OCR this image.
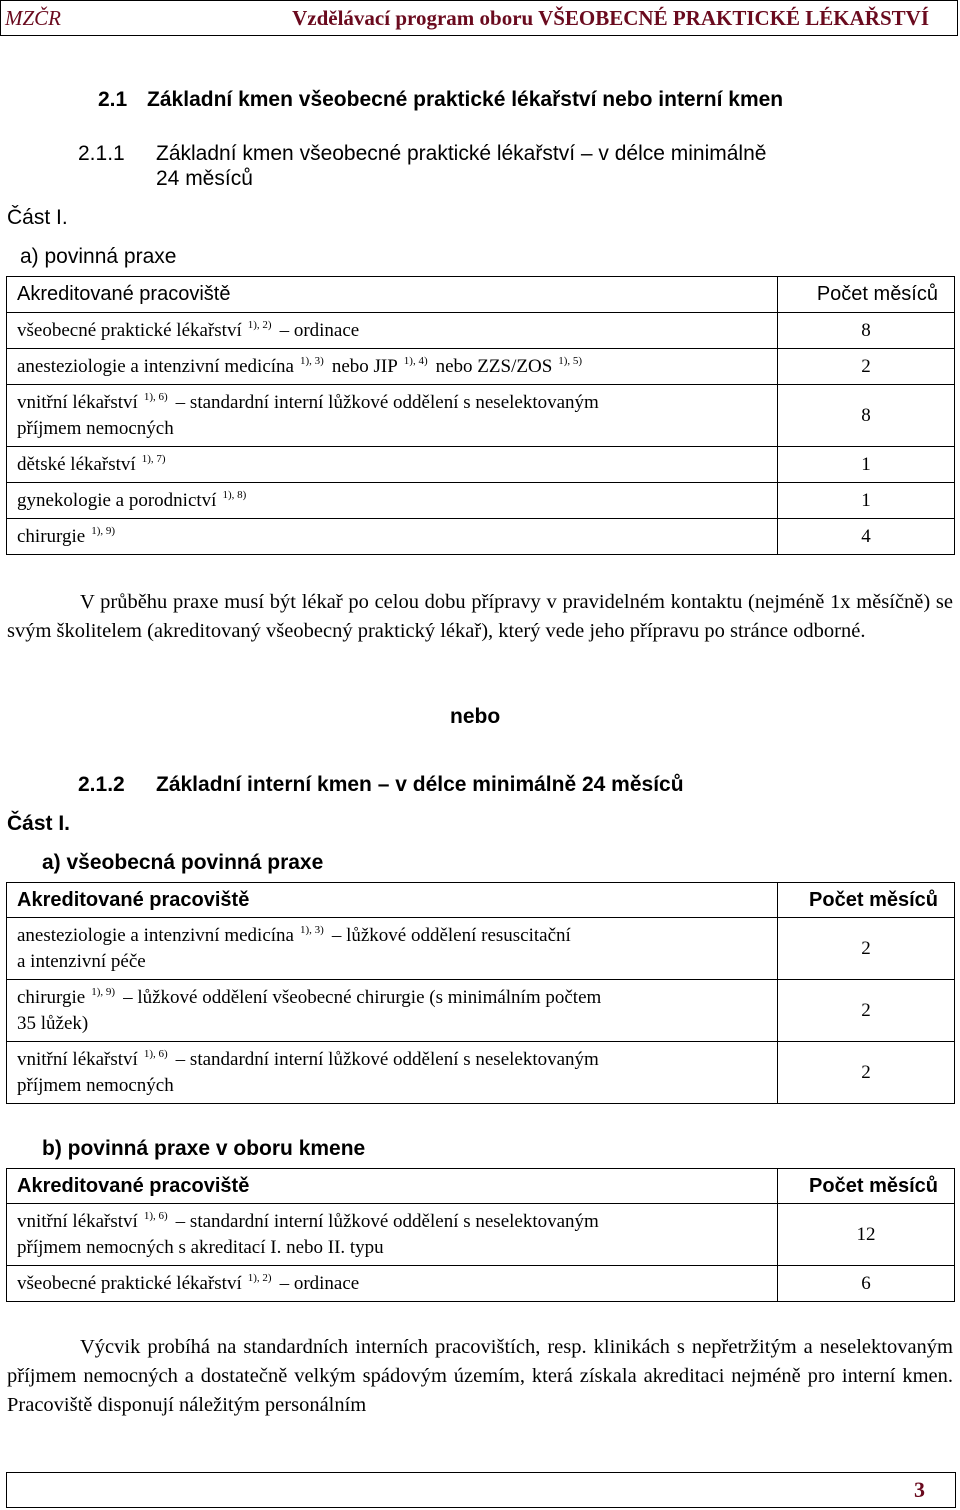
MZČR	Vzdělávací program oboru VŠEOBECNÉ PRAKTICKÉ LÉKAŘSTVÍ
2.1 Základní kmen všeobecné praktické lékařství nebo interní kmen
2.1.1 Základní kmen všeobecné praktické lékařství – v délce minimálně
24 měsíců
Část I.
a) povinná praxe
Akreditované pracoviště	Počet měsíců
všeobecné praktické lékařství $^{1), 2)}$ – ordinace	8
anesteziologie a intenzivní medicína $^{1), 3)}$ nebo JIP $^{1), 4)}$ nebo ZZS/ZOS $^{1), 5)}$	2
vnitřní lékařství $^{1), 6)}$ – standardní interní lůžkové oddělení s neselektovaným
příjmem nemocných	8
dětské lékařství $^{1), 7)}$	1
gynekologie a porodnictví $^{1), 8)}$	1
chirurgie $^{1), 9)}$	4
V průběhu praxe musí být lékař po celou dobu přípravy v pravidelném kontaktu (nejméně 1x měsíčně) se svým školitelem (akreditovaný všeobecný praktický lékař), který vede jeho přípravu po stránce odborné.
nebo
2.1.2 Základní interní kmen – v délce minimálně 24 měsíců
Část I.
a) všeobecná povinná praxe
Akreditované pracoviště	Počet měsíců
anesteziologie a intenzivní medicína $^{1), 3)}$ – lůžkové oddělení resuscitační
a intenzivní péče	2
chirurgie $^{1), 9)}$ – lůžkové oddělení všeobecné chirurgie (s minimálním počtem
35 lůžek)	2
vnitřní lékařství $^{1), 6)}$ – standardní interní lůžkové oddělení s neselektovaným
příjmem nemocných	2
b) povinná praxe v oboru kmene
Akreditované pracoviště	Počet měsíců
vnitřní lékařství $^{1), 6)}$ – standardní interní lůžkové oddělení s neselektovaným
příjmem nemocných s akreditací I. nebo II. typu	12
všeobecné praktické lékařství $^{1), 2)}$ – ordinace	6
Výcvik probíhá na standardních interních pracovištích, resp. klinikách s nepřetržitým a neselektovaným příjmem nemocných a dostatečně velkým spádovým územím, která získala akreditaci nejméně pro interní kmen. Pracoviště disponují náležitým personálním
3
